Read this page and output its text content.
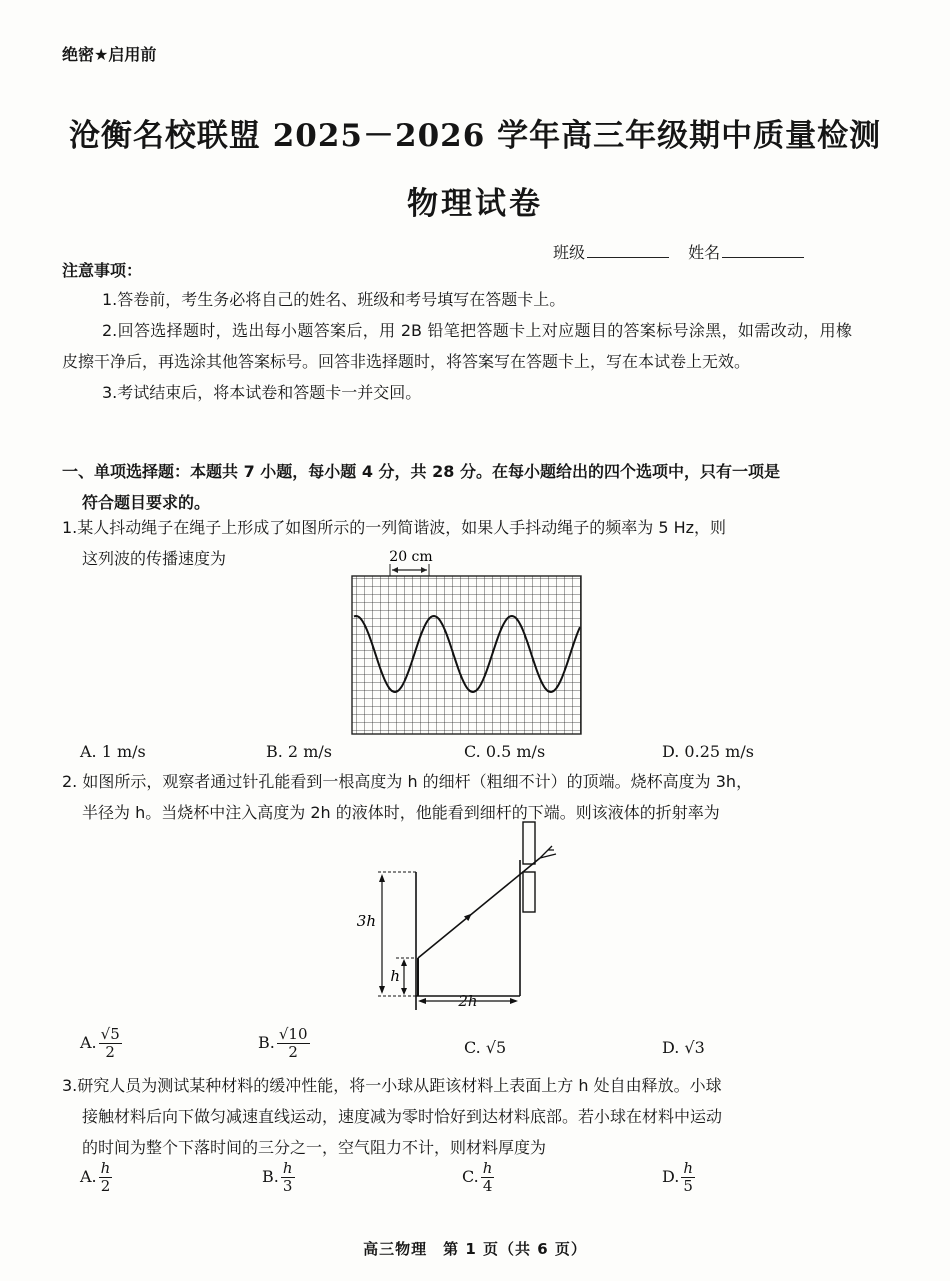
绝密★启用前
沧衡名校联盟 2025－2026 学年高三年级期中质量检测
物理试卷
班级	姓名
注意事项：

1.答卷前，考生务必将自己的姓名、班级和考号填写在答题卡上。

2.回答选择题时，选出每小题答案后，用 2B 铅笔把答题卡上对应题目的答案标号涂黑，如需改动，用橡皮擦干净后，再选涂其他答案标号。回答非选择题时，将答案写在答题卡上，写在本试卷上无效。

3.考试结束后，将本试卷和答题卡一并交回。

一、单项选择题：本题共 7 小题，每小题 4 分，共 28 分。在每小题给出的四个选项中，只有一项是
符合题目要求的。
1.某人抖动绳子在绳子上形成了如图所示的一列简谐波，如果人手抖动绳子的频率为 5 Hz，则
这列波的传播速度为	20 cm
A. 1 m/s	B. 2 m/s	C. 0.5 m/s	D. 0.25 m/s
2. 如图所示，观察者通过针孔能看到一根高度为 h 的细杆（粗细不计）的顶端。烧杯高度为 3h，
半径为 h。当烧杯中注入高度为 2h 的液体时，他能看到细杆的下端。则该液体的折射率为
3h
h
2h
A. $\frac{√5}{2}$	B. $\frac{√10}{2}$	C. √5	D. √3
3.研究人员为测试某种材料的缓冲性能，将一小球从距该材料上表面上方 h 处自由释放。小球
接触材料后向下做匀减速直线运动，速度减为零时恰好到达材料底部。若小球在材料中运动
的时间为整个下落时间的三分之一，空气阻力不计，则材料厚度为
A. $\frac{h}{2}$	B. $\frac{h}{3}$	C. $\frac{h}{4}$	D. $\frac{h}{5}$
高三物理　第 1 页（共 6 页）
